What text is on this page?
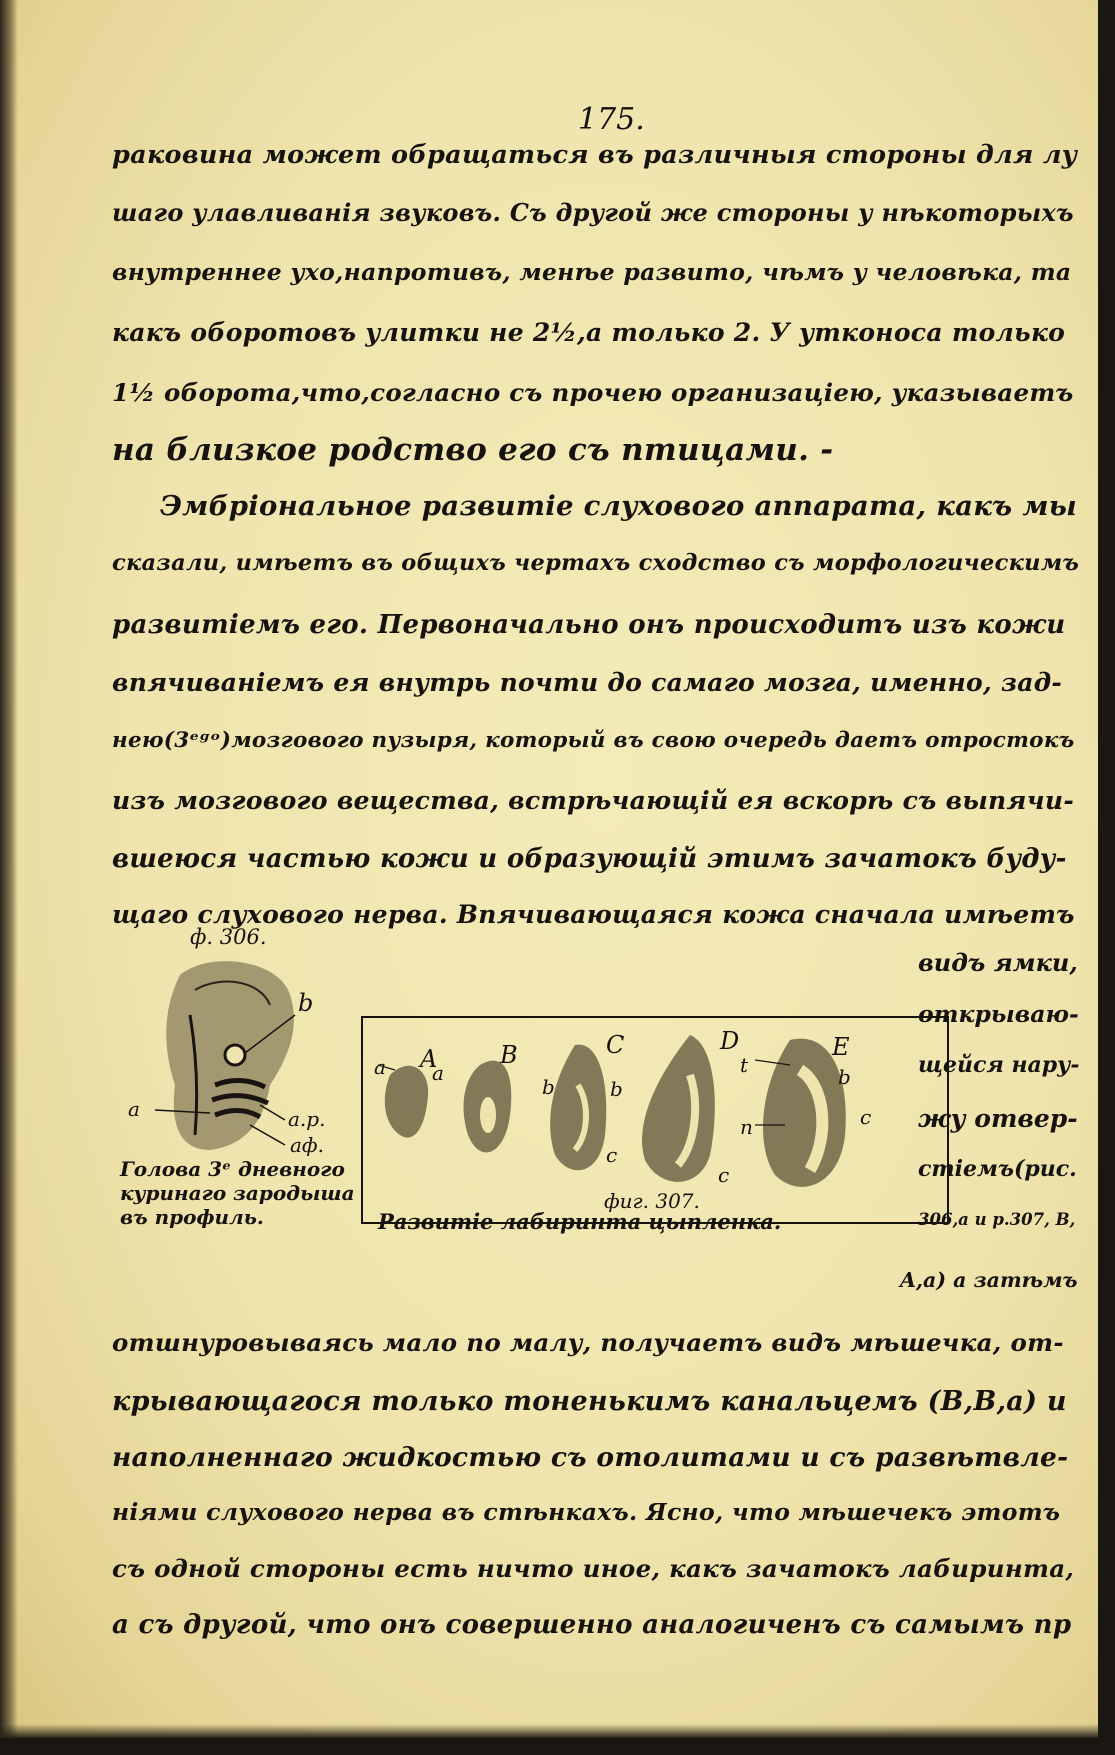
175.
раковина может обращаться въ различныя стороны для лу
шаго улавливанія звуковъ. Съ другой же стороны у нѣкоторыхъ
внутреннее ухо,напротивъ, менѣе развито, чѣмъ у человѣка, та
какъ оборотовъ улитки не 2½,а только 2. У утконоса только
1½ оборота,что,согласно съ прочею организацiею, указываетъ
на близкое родство его съ птицами. -
Эмбріональное развитіе слухового аппарата, какъ мы
сказали, имѣетъ въ общихъ чертахъ сходство съ морфологическимъ
развитіемъ его. Первоначально онъ происходитъ изъ кожи
впячиванiемъ ея внутрь почти до самаго мозга, именно, зад-
нею(3ᵉᵍᵒ)мозгового пузыря, который въ свою очередь даетъ отростокъ
изъ мозгового вещества, встрѣчающiй ея вскорѣ съ выпячи-
вшеюся частью кожи и образующiй этимъ зачатокъ буду-
щаго слухового нерва. Впячивающаяся кожа сначала имѣетъ
ф. 306.
b
a	a.p.
аф.
Голова 3ᵉ дневного
куринаго зародыша
въ профиль.
A
a a
B
b
C
b
c
D
c
t
n
E
b
c
фиг. 307.
Развитіе лабиринта цыпленка.
видъ ямки,
открываю-
щейся нару-
жу отвер-
стiемъ(рис.
306,a и р.307, B,
A,a) а затѣмъ
отшнуровываясь мало по малу, получаетъ видъ мѣшечка, от-
крывающагося только тоненькимъ канальцемъ (B,B,a) и
наполненнаго жидкостью съ отолитами и съ развѣтвле-
ніями слухового нерва въ стѣнкахъ. Ясно, что мѣшечекъ этотъ
съ одной стороны есть ничто иное, какъ зачатокъ лабиринта,
а съ другой, что онъ совершенно аналогиченъ съ самымъ пр
